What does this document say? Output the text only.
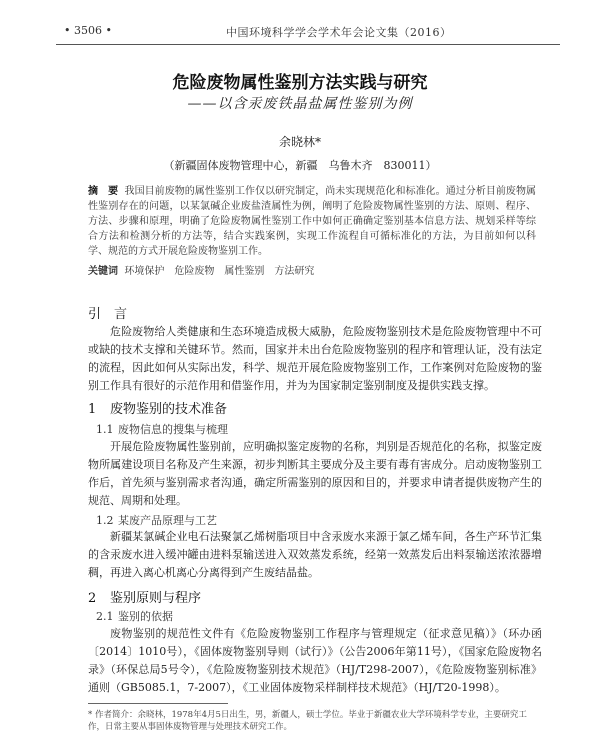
• 3506 •	中国环境科学学会学术年会论文集（2016）
危险废物属性鉴别方法实践与研究
——以含汞废铁晶盐属性鉴别为例
余晓林*
（新疆固体废物管理中心，新疆　乌鲁木齐　830011）
摘　要 我国目前废物的属性鉴别工作仅以研究制定，尚未实现规范化和标准化。通过分析目前废物属性鉴别存在的问题，以某氯碱企业废盐渣属性为例，阐明了危险废物属性鉴别的方法、原则、程序、方法、步骤和原理，明确了危险废物属性鉴别工作中如何正确确定鉴别基本信息方法、规划采样等综合方法和检测分析的方法等，结合实践案例，实现工作流程自可循标准化的方法，为目前如何以科学、规范的方式开展危险废物鉴别工作。
关键词 环境保护　危险废物　属性鉴别　方法研究
引　言
危险废物给人类健康和生态环境造成极大威胁，危险废物鉴别技术是危险废物管理中不可或缺的技术支撑和关键环节。然而，国家并未出台危险废物鉴别的程序和管理认证，没有法定的流程，因此如何从实际出发，科学、规范开展危险废物鉴别工作，工作案例对危险废物的鉴别工作具有很好的示范作用和借鉴作用，并为为国家制定鉴别制度及提供实践支撑。
1 废物鉴别的技术准备
1.1 废物信息的搜集与梳理
开展危险废物属性鉴别前，应明确拟鉴定废物的名称，判别是否规范化的名称，拟鉴定废物所属建设项目名称及产生来源，初步判断其主要成分及主要有毒有害成分。启动废物鉴别工作后，首先须与鉴别需求者沟通，确定所需鉴别的原因和目的，并要求申请者提供废物产生的规范、周期和处理。
1.2 某废产品原理与工艺
新疆某氯碱企业电石法聚氯乙烯树脂项目中含汞废水来源于氯乙烯车间，各生产环节汇集的含汞废水进入缓冲罐由进料泵输送进入双效蒸发系统，经第一效蒸发后出料泵输送浓浓器增稠，再进入离心机离心分离得到产生废结晶盐。
2 鉴别原则与程序
2.1 鉴别的依据
废物鉴别的规范性文件有《危险废物鉴别工作程序与管理规定（征求意见稿）》（环办函〔2014〕1010号），《固体废物鉴别导则（试行）》（公告2006年第11号），《国家危险废物名录》（环保总局5号令），《危险废物鉴别技术规范》（HJ/T298-2007），《危险废物鉴别标准》通则（GB5085.1，7-2007），《工业固体废物采样制样技术规范》（HJ/T20-1998）。
* 作者简介：余晓林，1978年4月5日出生，男，新疆人，硕士学位。毕业于新疆农业大学环境科学专业，主要研究工作，日常主要从事固体废物管理与处理技术研究工作。
